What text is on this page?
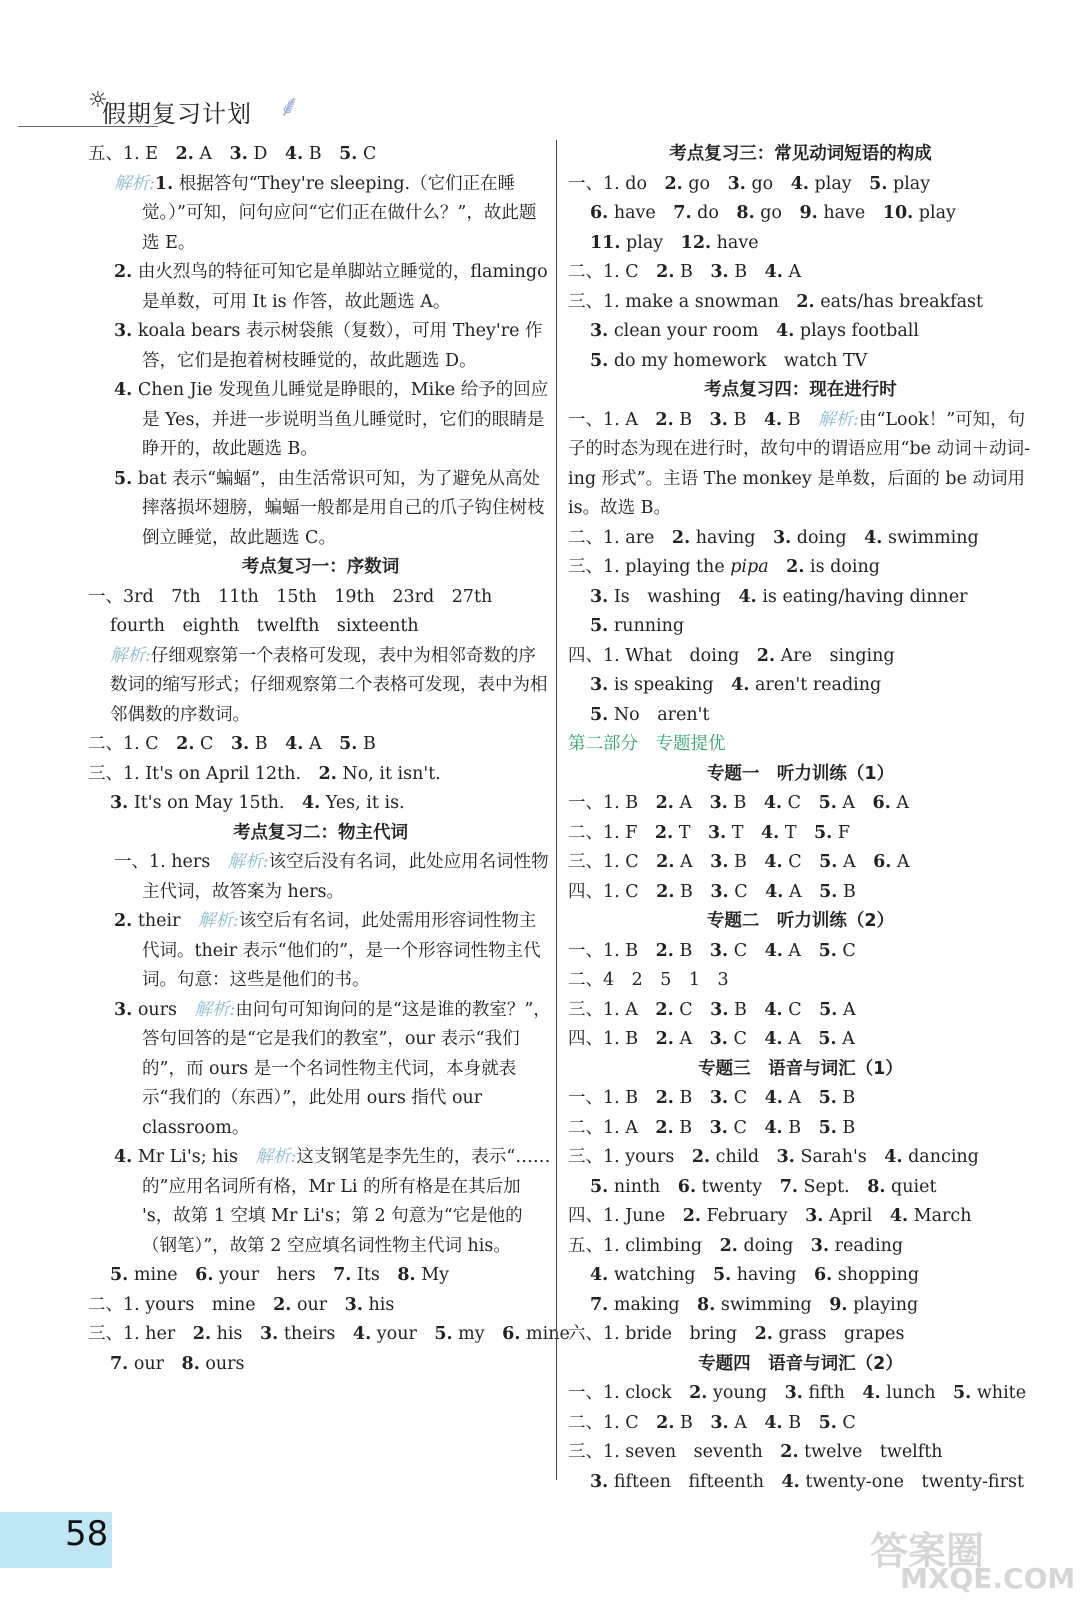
☼
假期复习计划 ⸙
五、1. E　2. A　3. D　4. B　5. C
解析:1. 根据答句“They're sleeping.（它们正在睡觉。）”可知，问句应问“它们正在做什么？”，故此题选 E。
2. 由火烈鸟的特征可知它是单脚站立睡觉的，flamingo 是单数，可用 It is 作答，故此题选 A。
3. koala bears 表示树袋熊（复数），可用 They're 作答，它们是抱着树枝睡觉的，故此题选 D。
4. Chen Jie 发现鱼儿睡觉是睁眼的，Mike 给予的回应是 Yes，并进一步说明当鱼儿睡觉时，它们的眼睛是睁开的，故此题选 B。
5. bat 表示“蝙蝠”，由生活常识可知，为了避免从高处摔落损坏翅膀，蝙蝠一般都是用自己的爪子钩住树枝倒立睡觉，故此题选 C。
考点复习一：序数词
一、3rd　7th　11th　15th　19th　23rd　27th
fourth　eighth　twelfth　sixteenth
解析:仔细观察第一个表格可发现，表中为相邻奇数的序数词的缩写形式；仔细观察第二个表格可发现，表中为相邻偶数的序数词。
二、1. C　2. C　3. B　4. A　5. B
三、1. It's on April 12th.　2. No, it isn't.
3. It's on May 15th.　4. Yes, it is.
考点复习二：物主代词
一、1. hers　解析:该空后没有名词，此处应用名词性物主代词，故答案为 hers。
2. their　解析:该空后有名词，此处需用形容词性物主代词。their 表示“他们的”，是一个形容词性物主代词。句意：这些是他们的书。
3. ours　解析:由问句可知询问的是“这是谁的教室？”，答句回答的是“它是我们的教室”，our 表示“我们的”，而 ours 是一个名词性物主代词，本身就表示“我们的（东西）”，此处用 ours 指代 our classroom。
4. Mr Li's; his　解析:这支钢笔是李先生的，表示“……的”应用名词所有格，Mr Li 的所有格是在其后加 's，故第 1 空填 Mr Li's；第 2 句意为“它是他的（钢笔）”，故第 2 空应填名词性物主代词 his。
5. mine　6. your　hers　7. Its　8. My
二、1. yours　mine　2. our　3. his
三、1. her　2. his　3. theirs　4. your　5. my　6. mine
7. our　8. ours
考点复习三：常见动词短语的构成
一、1. do　2. go　3. go　4. play　5. play
6. have　7. do　8. go　9. have　10. play
11. play　12. have
二、1. C　2. B　3. B　4. A
三、1. make a snowman　2. eats/has breakfast
3. clean your room　4. plays football
5. do my homework　watch TV
考点复习四：现在进行时
一、1. A　2. B　3. B　4. B　解析:由“Look！”可知，句子的时态为现在进行时，故句中的谓语应用“be 动词＋动词-ing 形式”。主语 The monkey 是单数，后面的 be 动词用 is。故选 B。
二、1. are　2. having　3. doing　4. swimming
三、1. playing the pipa　 2. is doing
3. Is　washing　4. is eating/having dinner
5. running
四、1. What　doing　2. Are　singing
3. is speaking　4. aren't reading
5. No　aren't
第二部分　专题提优
专题一　听力训练（1）
一、1. B　2. A　3. B　4. C　5. A　6. A
二、1. F　2. T　3. T　4. T　5. F
三、1. C　2. A　3. B　4. C　5. A　6. A
四、1. C　2. B　3. C　4. A　5. B
专题二　听力训练（2）
一、1. B　2. B　3. C　4. A　5. C
二、4　2　5　1　3
三、1. A　2. C　3. B　4. C　5. A
四、1. B　2. A　3. C　4. A　5. A
专题三　语音与词汇（1）
一、1. B　2. B　3. C　4. A　5. B
二、1. A　2. B　3. C　4. B　5. B
三、1. yours　2. child　3. Sarah's　4. dancing
5. ninth　6. twenty　7. Sept.　8. quiet
四、1. June　2. February　3. April　4. March
五、1. climbing　2. doing　3. reading
4. watching　5. having　6. shopping
7. making　8. swimming　9. playing
六、1. bride　bring　2. grass　grapes
专题四　语音与词汇（2）
一、1. clock　2. young　3. fifth　4. lunch　5. white
二、1. C　2. B　3. A　4. B　5. C
三、1. seven　seventh　2. twelve　twelfth
3. fifteen　fifteenth　4. twenty-one　twenty-first
58	答案圈
MXQE.COM
